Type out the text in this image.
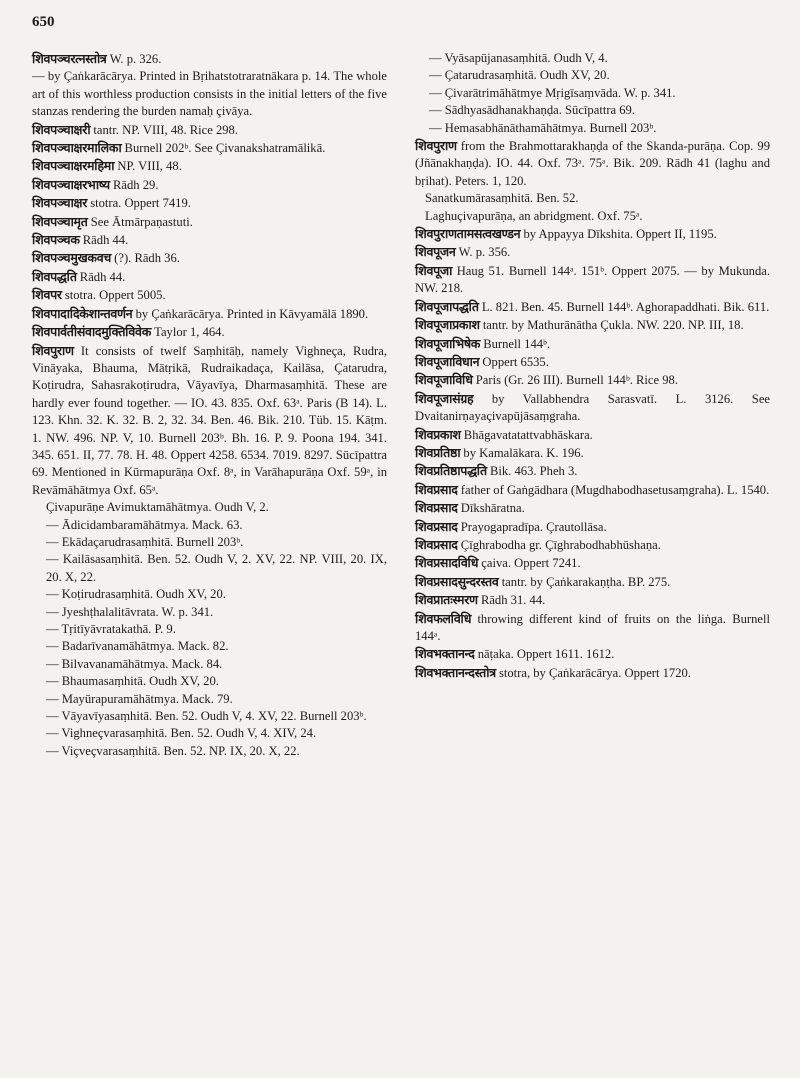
650

शिवपञ्चरत्नस्तोत्र W. p. 326.

— by Çaṅkarācārya. Printed in Bṛihatstotraratnākara p. 14. The whole art of this worthless production consists in the initial letters of the five stanzas rendering the burden namaḥ çivāya.

शिवपञ्चाक्षरी tantr. NP. VIII, 48. Rice 298.

शिवपञ्चाक्षरमालिका Burnell 202ᵇ. See Çivanakshatramālikā.

शिवपञ्चाक्षरमहिमा NP. VIII, 48.

शिवपञ्चाक्षरभाष्य Rādh 29.

शिवपञ्चाक्षर stotra. Oppert 7419.

शिवपञ्चामृत See Ātmārpaṇastuti.

शिवपञ्चक Rādh 44.

शिवपञ्चमुखकवच (?). Rādh 36.

शिवपद्धति Rādh 44.

शिवपर stotra. Oppert 5005.

शिवपादादिकेशान्तवर्णन by Çaṅkarācārya. Printed in Kāvyamālā 1890.

शिवपार्वतीसंवादमुक्तिविवेक Taylor 1, 464.

शिवपुराण It consists of twelf Saṃhitāḥ, namely Vighneça, Rudra, Vināyaka, Bhauma, Mātṛikā, Rudraikadaça, Kailāsa, Çatarudra, Koṭirudra, Sahasrakoṭirudra, Vāyavīya, Dharmasaṃhitā. These are hardly ever found together. — IO. 43. 835. Oxf. 63ᵃ. Paris (B 14). L. 123. Khn. 32. K. 32. B. 2, 32. 34. Ben. 46. Bik. 210. Tüb. 15. Kāṭm. 1. NW. 496. NP. V, 10. Burnell 203ᵇ. Bh. 16. P. 9. Poona 194. 341. 345. 651. II, 77. 78. H. 48. Oppert 4258. 6534. 7019. 8297. Sūcīpattra 69. Mentioned in Kūrmapurāṇa Oxf. 8ᵃ, in Varāhapurāṇa Oxf. 59ᵃ, in Revāmāhātmya Oxf. 65ᵃ.

Çivapurāṇe Avimuktamāhātmya. Oudh V, 2.

— Ādicidambaramāhātmya. Mack. 63.

— Ekādaçarudrasaṃhitā. Burnell 203ᵇ.

— Kailāsasaṃhitā. Ben. 52. Oudh V, 2. XV, 22. NP. VIII, 20. IX, 20. X, 22.

— Koṭirudrasaṃhitā. Oudh XV, 20.

— Jyeshṭhalalitāvrata. W. p. 341.

— Tṛitīyāvratakathā. P. 9.

— Badarīvanamāhātmya. Mack. 82.

— Bilvavanamāhātmya. Mack. 84.

— Bhaumasaṃhitā. Oudh XV, 20.

— Mayūrapuramāhātmya. Mack. 79.

— Vāyavīyasaṃhitā. Ben. 52. Oudh V, 4. XV, 22. Burnell 203ᵇ.

— Vighneçvarasaṃhitā. Ben. 52. Oudh V, 4. XIV, 24.

— Viçveçvarasaṃhitā. Ben. 52. NP. IX, 20. X, 22.

— Vyāsapūjanasaṃhitā. Oudh V, 4.

— Çatarudrasaṃhitā. Oudh XV, 20.

— Çivarātrimāhātmye Mṛigīsaṃvāda. W. p. 341.

— Sādhyasādhanakhaṇḍa. Sūcīpattra 69.

— Hemasabhānāthamāhātmya. Burnell 203ᵇ.

शिवपुराण from the Brahmottarakhaṇḍa of the Skanda-purāṇa. Cop. 99 (Jñānakhaṇḍa). IO. 44. Oxf. 73ᵃ. 75ᵃ. Bik. 209. Rādh 41 (laghu and bṛihat). Peters. 1, 120.

Sanatkumārasaṃhitā. Ben. 52.

Laghuçivapurāṇa, an abridgment. Oxf. 75ᵃ.

शिवपुराणतामसत्वखण्डन by Appayya Dīkshita. Oppert II, 1195.

शिवपूजन W. p. 356.

शिवपूजा Haug 51. Burnell 144ᵃ. 151ᵇ. Oppert 2075. — by Mukunda. NW. 218.

शिवपूजापद्धति L. 821. Ben. 45. Burnell 144ᵇ. Aghorapaddhati. Bik. 611.

शिवपूजाप्रकाश tantr. by Mathurānātha Çukla. NW. 220. NP. III, 18.

शिवपूजाभिषेक Burnell 144ᵇ.

शिवपूजाविधान Oppert 6535.

शिवपूजाविधि Paris (Gr. 26 III). Burnell 144ᵇ. Rice 98.

शिवपूजासंग्रह by Vallabhendra Sarasvatī. L. 3126. See Dvaitanirṇayaçivapūjāsaṃgraha.

शिवप्रकाश Bhāgavatatattvabhāskara.

शिवप्रतिष्ठा by Kamalākara. K. 196.

शिवप्रतिष्ठापद्धति Bik. 463. Pheh 3.

शिवप्रसाद father of Gaṅgādhara (Mugdhabodhasetusaṃgraha). L. 1540.

शिवप्रसाद Dīkshāratna.

शिवप्रसाद Prayogapradīpa. Çrautollāsa.

शिवप्रसाद Çīghrabodha gr. Çīghrabodhabhūshaṇa.

शिवप्रसादविधि çaiva. Oppert 7241.

शिवप्रसादसुन्दरस्तव tantr. by Çaṅkarakaṇṭha. BP. 275.

शिवप्रातःस्मरण Rādh 31. 44.

शिवफलविधि throwing different kind of fruits on the liṅga. Burnell 144ᵃ.

शिवभक्तानन्द nāṭaka. Oppert 1611. 1612.

शिवभक्तानन्दस्तोत्र stotra, by Çaṅkarācārya. Oppert 1720.
